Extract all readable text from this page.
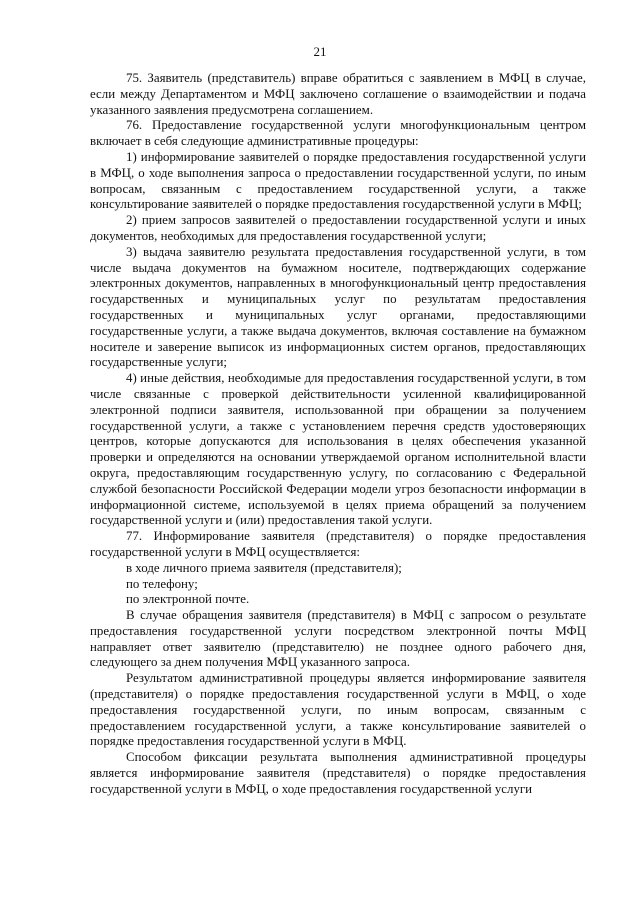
21

75. Заявитель (представитель) вправе обратиться с заявлением в МФЦ в случае, если между Департаментом и МФЦ заключено соглашение о взаимодействии и подача указанного заявления предусмотрена соглашением.

76. Предоставление государственной услуги многофункциональным центром включает в себя следующие административные процедуры:

1) информирование заявителей о порядке предоставления государственной услуги в МФЦ, о ходе выполнения запроса о предоставлении государственной услуги, по иным вопросам, связанным с предоставлением государственной услуги, а также консультирование заявителей о порядке предоставления государственной услуги в МФЦ;

2) прием запросов заявителей о предоставлении государственной услуги и иных документов, необходимых для предоставления государственной услуги;

3) выдача заявителю результата предоставления государственной услуги, в том числе выдача документов на бумажном носителе, подтверждающих содержание электронных документов, направленных в многофункциональный центр предоставления государственных и муниципальных услуг по результатам предоставления государственных и муниципальных услуг органами, предоставляющими государственные услуги, а также выдача документов, включая составление на бумажном носителе и заверение выписок из информационных систем органов, предоставляющих государственные услуги;

4) иные действия, необходимые для предоставления государственной услуги, в том числе связанные с проверкой действительности усиленной квалифицированной электронной подписи заявителя, использованной при обращении за получением государственной услуги, а также с установлением перечня средств удостоверяющих центров, которые допускаются для использования в целях обеспечения указанной проверки и определяются на основании утверждаемой органом исполнительной власти округа, предоставляющим государственную услугу, по согласованию с Федеральной службой безопасности Российской Федерации модели угроз безопасности информации в информационной системе, используемой в целях приема обращений за получением государственной услуги и (или) предоставления такой услуги.

77. Информирование заявителя (представителя) о порядке предоставления государственной услуги в МФЦ осуществляется:

в ходе личного приема заявителя (представителя);

по телефону;

по электронной почте.

В случае обращения заявителя (представителя) в МФЦ с запросом о результате предоставления государственной услуги посредством электронной почты МФЦ направляет ответ заявителю (представителю) не позднее одного рабочего дня, следующего за днем получения МФЦ указанного запроса.

Результатом административной процедуры является информирование заявителя (представителя) о порядке предоставления государственной услуги в МФЦ, о ходе предоставления государственной услуги, по иным вопросам, связанным с предоставлением государственной услуги, а также консультирование заявителей о порядке предоставления государственной услуги в МФЦ.

Способом фиксации результата выполнения административной процедуры является информирование заявителя (представителя) о порядке предоставления государственной услуги в МФЦ, о ходе предоставления государственной услуги
